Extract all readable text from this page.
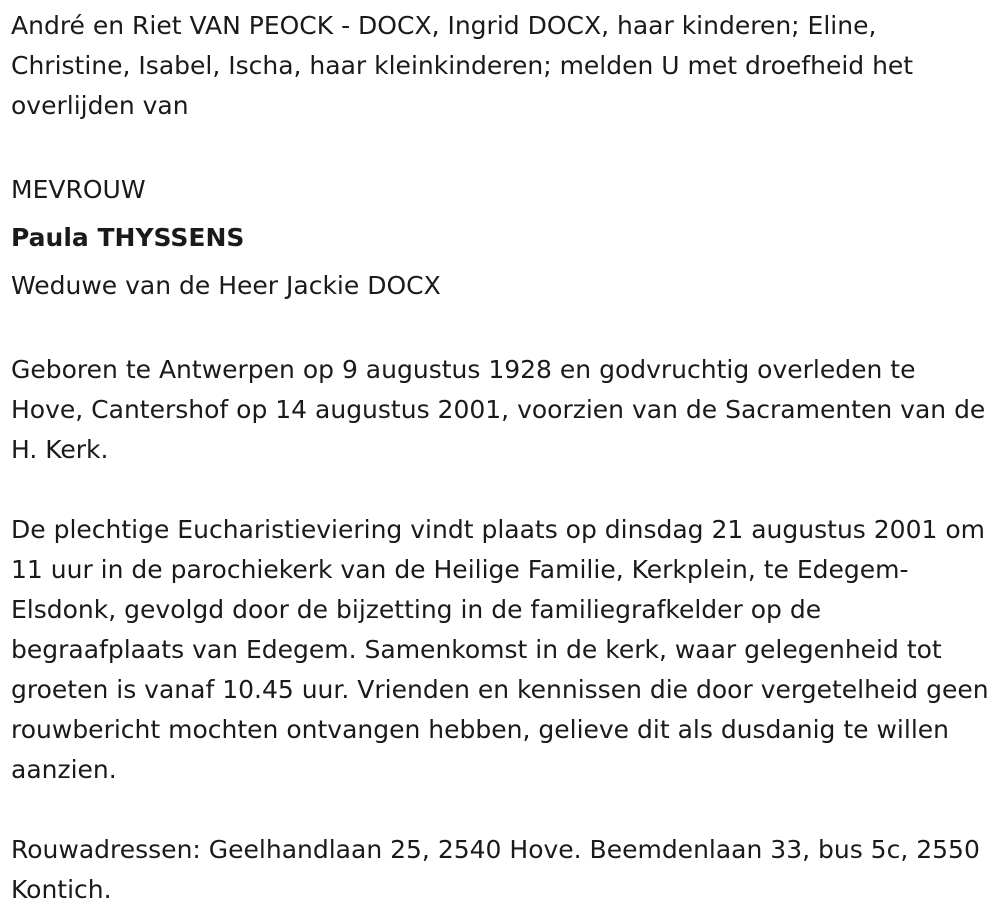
André en Riet VAN PEOCK - DOCX, Ingrid DOCX, haar kinderen; Eline, Christine, Isabel, Ischa, haar kleinkinderen; melden U met droefheid het overlijden van

MEVROUW

Paula THYSSENS

Weduwe van de Heer Jackie DOCX

Geboren te Antwerpen op 9 augustus 1928 en godvruchtig overleden te Hove, Cantershof op 14 augustus 2001, voorzien van de Sacramenten van de H. Kerk.

De plechtige Eucharistieviering vindt plaats op dinsdag 21 augustus 2001 om 11 uur in de parochiekerk van de Heilige Familie, Kerkplein, te Edegem-Elsdonk, gevolgd door de bijzetting in de familiegrafkelder op de begraafplaats van Edegem. Samenkomst in de kerk, waar gelegenheid tot groeten is vanaf 10.45 uur. Vrienden en kennissen die door vergetelheid geen rouwbericht mochten ontvangen hebben, gelieve dit als dusdanig te willen aanzien.

Rouwadressen: Geelhandlaan 25, 2540 Hove. Beemdenlaan 33, bus 5c, 2550 Kontich.
